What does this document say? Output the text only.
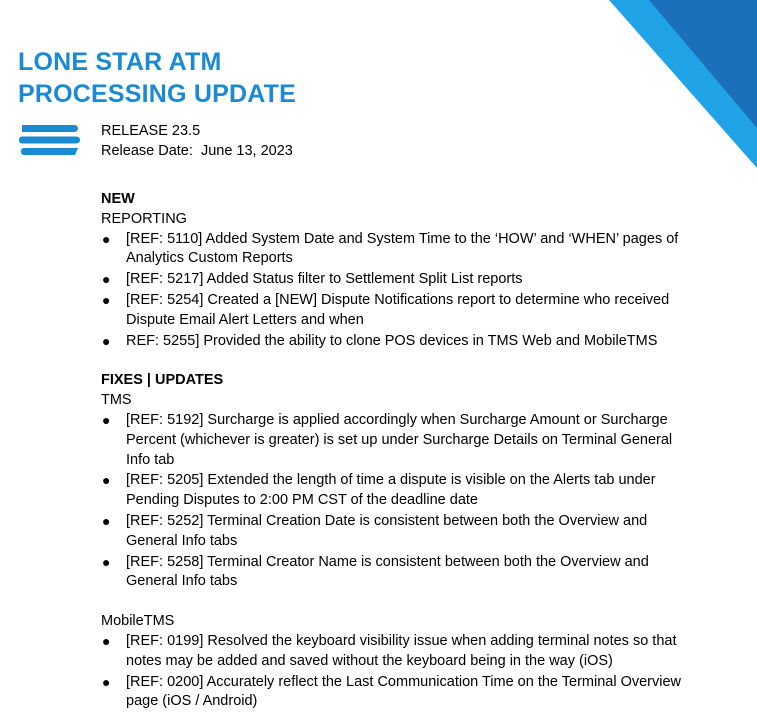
LONE STAR ATM
PROCESSING UPDATE
RELEASE 23.5
Release Date:  June 13, 2023

NEW

REPORTING

● [REF: 5110] Added System Date and System Time to the ‘HOW’ and ‘WHEN’ pages of Analytics Custom Reports
● [REF: 5217] Added Status filter to Settlement Split List reports
● [REF: 5254] Created a [NEW] Dispute Notifications report to determine who received Dispute Email Alert Letters and when
● REF: 5255] Provided the ability to clone POS devices in TMS Web and MobileTMS

FIXES | UPDATES

TMS

● [REF: 5192] Surcharge is applied accordingly when Surcharge Amount or Surcharge Percent (whichever is greater) is set up under Surcharge Details on Terminal General Info tab
● [REF: 5205] Extended the length of time a dispute is visible on the Alerts tab under Pending Disputes to 2:00 PM CST of the deadline date
● [REF: 5252] Terminal Creation Date is consistent between both the Overview and General Info tabs
● [REF: 5258] Terminal Creator Name is consistent between both the Overview and General Info tabs

MobileTMS

● [REF: 0199] Resolved the keyboard visibility issue when adding terminal notes so that notes may be added and saved without the keyboard being in the way (iOS)
● [REF: 0200] Accurately reflect the Last Communication Time on the Terminal Overview page (iOS / Android)
